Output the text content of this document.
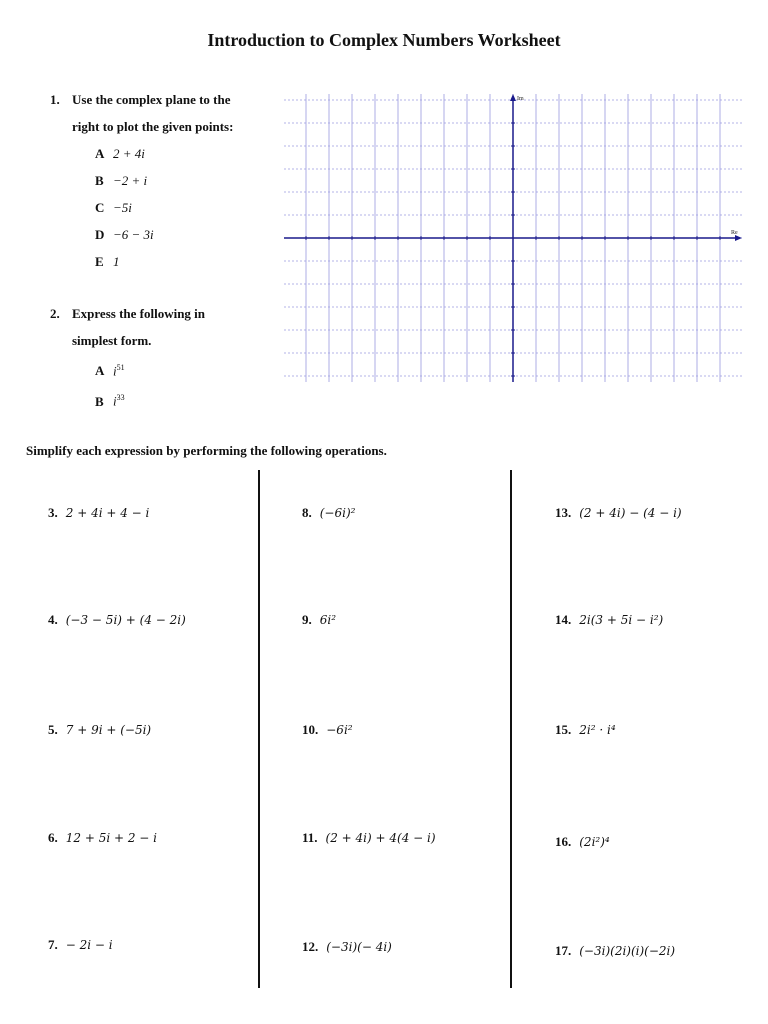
Introduction to Complex Numbers Worksheet
1. Use the complex plane to the
right to plot the given points:
A 2 + 4i
B −2 + i
C −5i
D −6 − 3i
E 1
2. Express the following in
simplest form.
A $i^{51}$
B $i^{33}$
Im
Re
Simplify each expression by performing the following operations.
3. 2 + 4i + 4 − i
4. (−3 − 5i) + (4 − 2i)
5. 7 + 9i + (−5i)
6. 12 + 5i + 2 − i
7. − 2i − i
8. (−6i)²
9. 6i²
10. −6i²
11. (2 + 4i) + 4(4 − i)
12. (−3i)(− 4i)
13. (2 + 4i) − (4 − i)
14. 2i(3 + 5i − i²)
15. 2i² · i⁴
16. (2i²)⁴
17. (−3i)(2i)(i)(−2i)
